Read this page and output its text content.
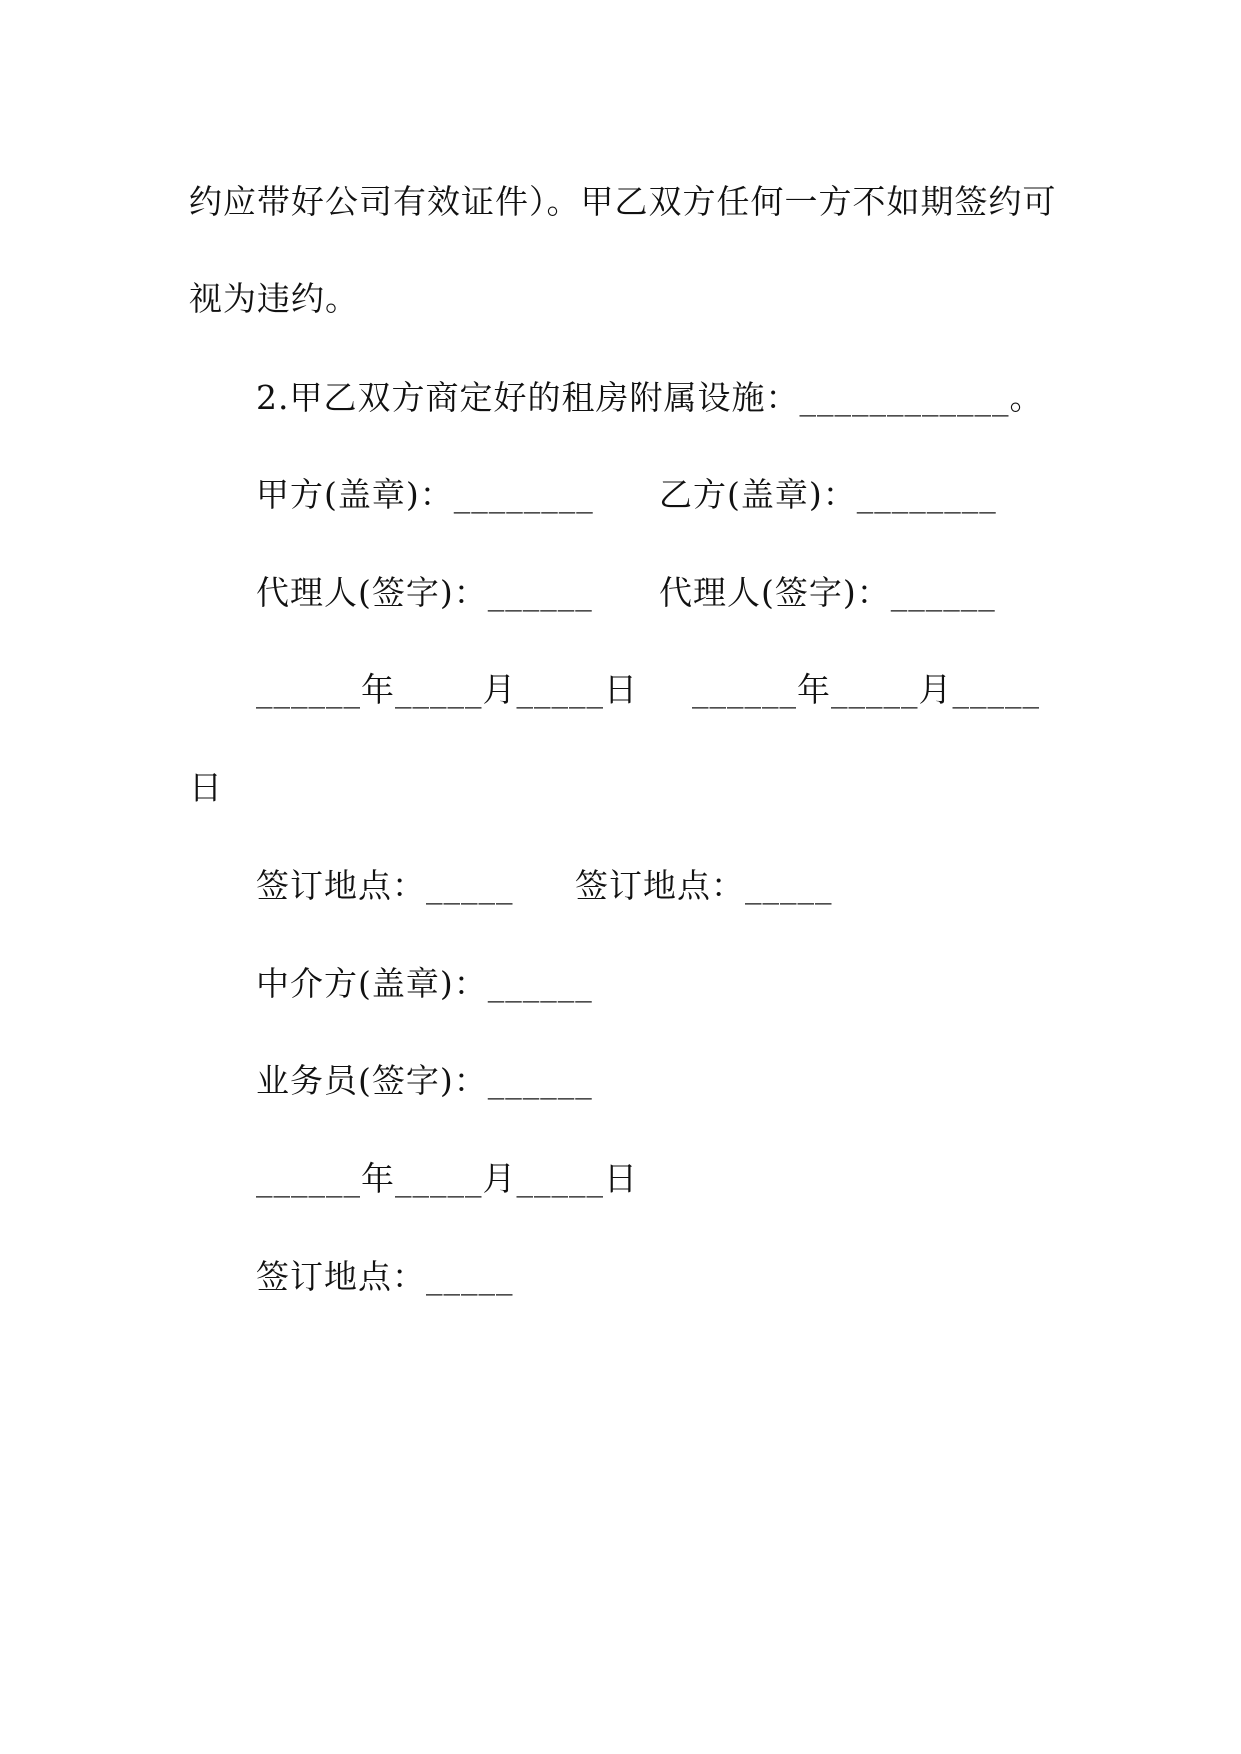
约应带好公司有效证件）。甲乙双方任何一方不如期签约可
视为违约。
2.甲乙双方商定好的租房附属设施：____________。
甲方(盖章)：________ 乙方(盖章)：________
代理人(签字)：______ 代理人(签字)：______
______年_____月_____日 ______年_____月_____
日
签订地点：_____ 签订地点：_____
中介方(盖章)：______
业务员(签字)：______
______年_____月_____日
签订地点：_____
